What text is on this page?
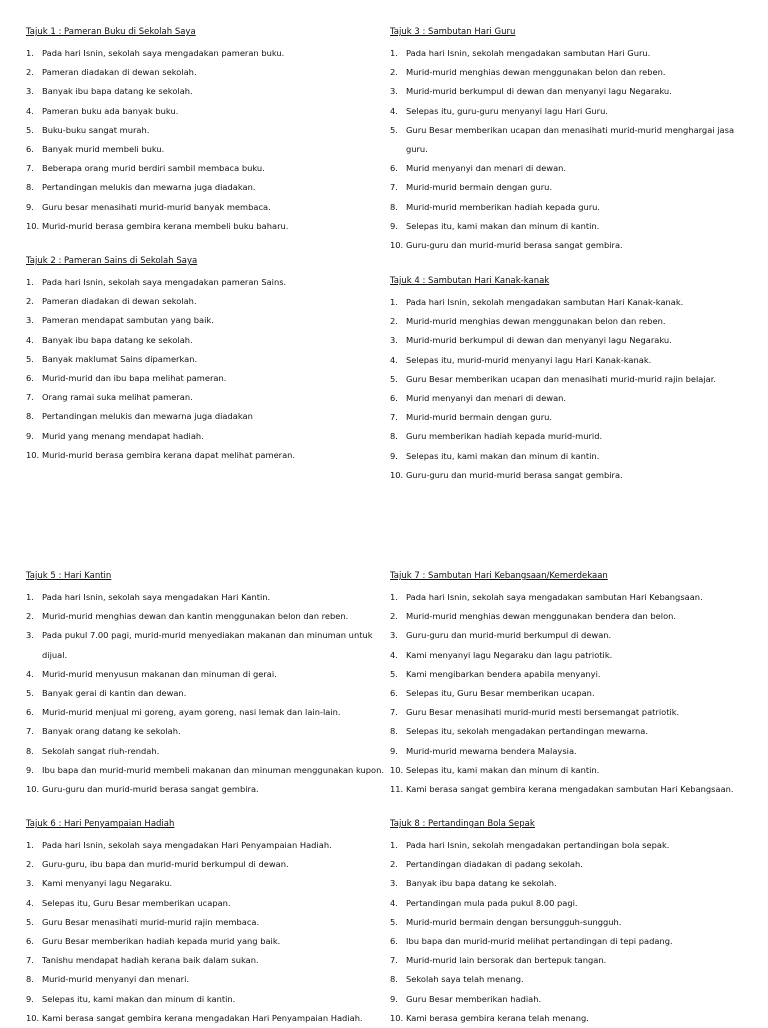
Tajuk 1 : Pameran Buku di Sekolah Saya
1. Pada hari Isnin, sekolah saya mengadakan pameran buku.
2. Pameran diadakan di dewan sekolah.
3. Banyak ibu bapa datang ke sekolah.
4. Pameran buku ada banyak buku.
5. Buku-buku sangat murah.
6. Banyak murid membeli buku.
7. Beberapa orang murid berdiri sambil membaca buku.
8. Pertandingan melukis dan mewarna juga diadakan.
9. Guru besar menasihati murid-murid banyak membaca.
10. Murid-murid berasa gembira kerana membeli buku baharu.
Tajuk 2 : Pameran Sains di Sekolah Saya
1. Pada hari Isnin, sekolah saya mengadakan pameran Sains.
2. Pameran diadakan di dewan sekolah.
3. Pameran mendapat sambutan yang baik.
4. Banyak ibu bapa datang ke sekolah.
5. Banyak maklumat Sains dipamerkan.
6. Murid-murid dan ibu bapa melihat pameran.
7. Orang ramai suka melihat pameran.
8. Pertandingan melukis dan mewarna juga diadakan
9. Murid yang menang mendapat hadiah.
10. Murid-murid berasa gembira kerana dapat melihat pameran.
Tajuk 3 : Sambutan Hari Guru
1. Pada hari Isnin, sekolah mengadakan sambutan Hari Guru.
2. Murid-murid menghias dewan menggunakan belon dan reben.
3. Murid-murid berkumpul di dewan dan menyanyi lagu Negaraku.
4. Selepas itu, guru-guru menyanyi lagu Hari Guru.
5. Guru Besar memberikan ucapan dan menasihati murid-murid menghargai jasa guru.
6. Murid menyanyi dan menari di dewan.
7. Murid-murid bermain dengan guru.
8. Murid-murid memberikan hadiah kepada guru.
9. Selepas itu, kami makan dan minum di kantin.
10. Guru-guru dan murid-murid berasa sangat gembira.
Tajuk 4 : Sambutan Hari Kanak-kanak
1. Pada hari Isnin, sekolah mengadakan sambutan Hari Kanak-kanak.
2. Murid-murid menghias dewan menggunakan belon dan reben.
3. Murid-murid berkumpul di dewan dan menyanyi lagu Negaraku.
4. Selepas itu, murid-murid menyanyi lagu Hari Kanak-kanak.
5. Guru Besar memberikan ucapan dan menasihati murid-murid rajin belajar.
6. Murid menyanyi dan menari di dewan.
7. Murid-murid bermain dengan guru.
8. Guru memberikan hadiah kepada murid-murid.
9. Selepas itu, kami makan dan minum di kantin.
10. Guru-guru dan murid-murid berasa sangat gembira.
Tajuk 5 : Hari Kantin
1. Pada hari Isnin, sekolah saya mengadakan Hari Kantin.
2. Murid-murid menghias dewan dan kantin menggunakan belon dan reben.
3. Pada pukul 7.00 pagi, murid-murid menyediakan makanan dan minuman untuk dijual.
4. Murid-murid menyusun makanan dan minuman di gerai.
5. Banyak gerai di kantin dan dewan.
6. Murid-murid menjual mi goreng, ayam goreng, nasi lemak dan lain-lain.
7. Banyak orang datang ke sekolah.
8. Sekolah sangat riuh-rendah.
9. Ibu bapa dan murid-murid membeli makanan dan minuman menggunakan kupon.
10. Guru-guru dan murid-murid berasa sangat gembira.
Tajuk 6 : Hari Penyampaian Hadiah
1. Pada hari Isnin, sekolah saya mengadakan Hari Penyampaian Hadiah.
2. Guru-guru, ibu bapa dan murid-murid berkumpul di dewan.
3. Kami menyanyi lagu Negaraku.
4. Selepas itu, Guru Besar memberikan ucapan.
5. Guru Besar menasihati murid-murid rajin membaca.
6. Guru Besar memberikan hadiah kepada murid yang baik.
7. Tanishu mendapat hadiah kerana baik dalam sukan.
8. Murid-murid menyanyi dan menari.
9. Selepas itu, kami makan dan minum di kantin.
10. Kami berasa sangat gembira kerana mengadakan Hari Penyampaian Hadiah.
Tajuk 7 : Sambutan Hari Kebangsaan/Kemerdekaan
1. Pada hari Isnin, sekolah saya mengadakan sambutan Hari Kebangsaan.
2. Murid-murid menghias dewan menggunakan bendera dan belon.
3. Guru-guru dan murid-murid berkumpul di dewan.
4. Kami menyanyi lagu Negaraku dan lagu patriotik.
5. Kami mengibarkan bendera apabila menyanyi.
6. Selepas itu, Guru Besar memberikan ucapan.
7. Guru Besar menasihati murid-murid mesti bersemangat patriotik.
8. Selepas itu, sekolah mengadakan pertandingan mewarna.
9. Murid-murid mewarna bendera Malaysia.
10. Selepas itu, kami makan dan minum di kantin.
11. Kami berasa sangat gembira kerana mengadakan sambutan Hari Kebangsaan.
Tajuk 8 : Pertandingan Bola Sepak
1. Pada hari Isnin, sekolah mengadakan pertandingan bola sepak.
2. Pertandingan diadakan di padang sekolah.
3. Banyak ibu bapa datang ke sekolah.
4. Pertandingan mula pada pukul 8.00 pagi.
5. Murid-murid bermain dengan bersungguh-sungguh.
6. Ibu bapa dan murid-murid melihat pertandingan di tepi padang.
7. Murid-murid lain bersorak dan bertepuk tangan.
8. Sekolah saya telah menang.
9. Guru Besar memberikan hadiah.
10. Kami berasa gembira kerana telah menang.
